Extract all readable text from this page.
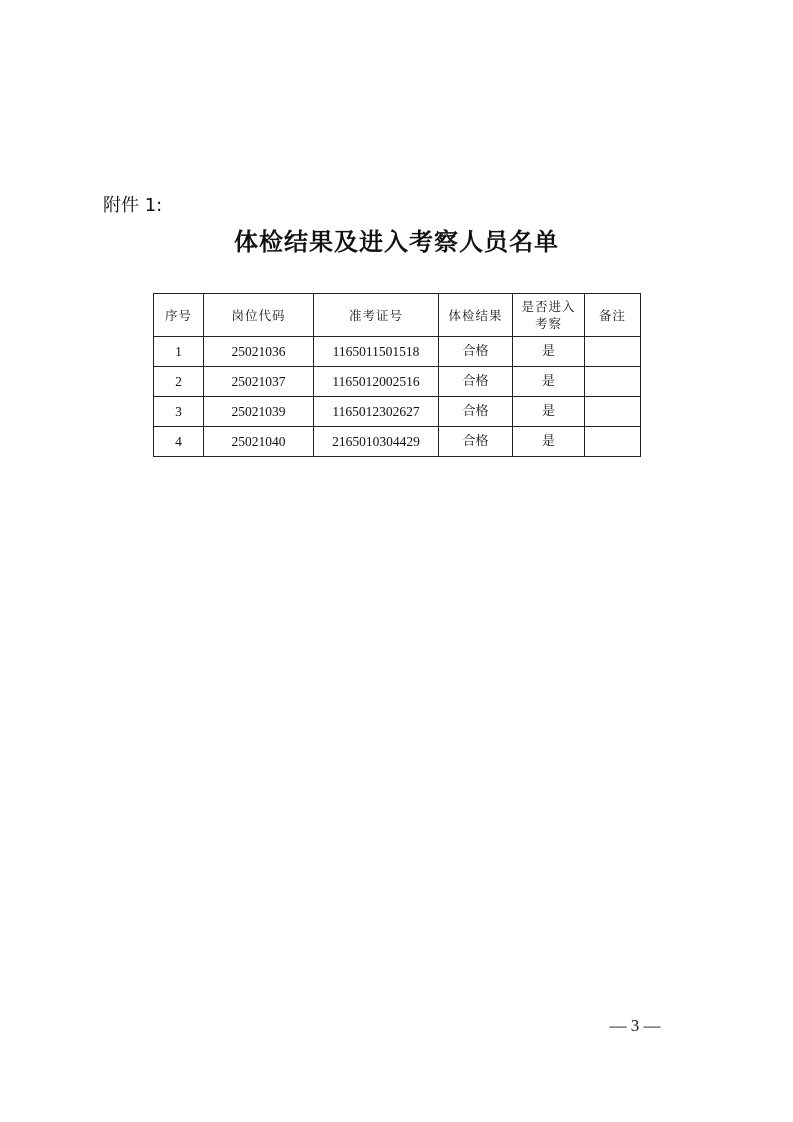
附件 1:
体检结果及进入考察人员名单
序号	岗位代码	准考证号	体检结果	是否进入考察	备注
1	25021036	1165011501518	合格	是	
2	25021037	1165012002516	合格	是	
3	25021039	1165012302627	合格	是	
4	25021040	2165010304429	合格	是	
— 3 —
